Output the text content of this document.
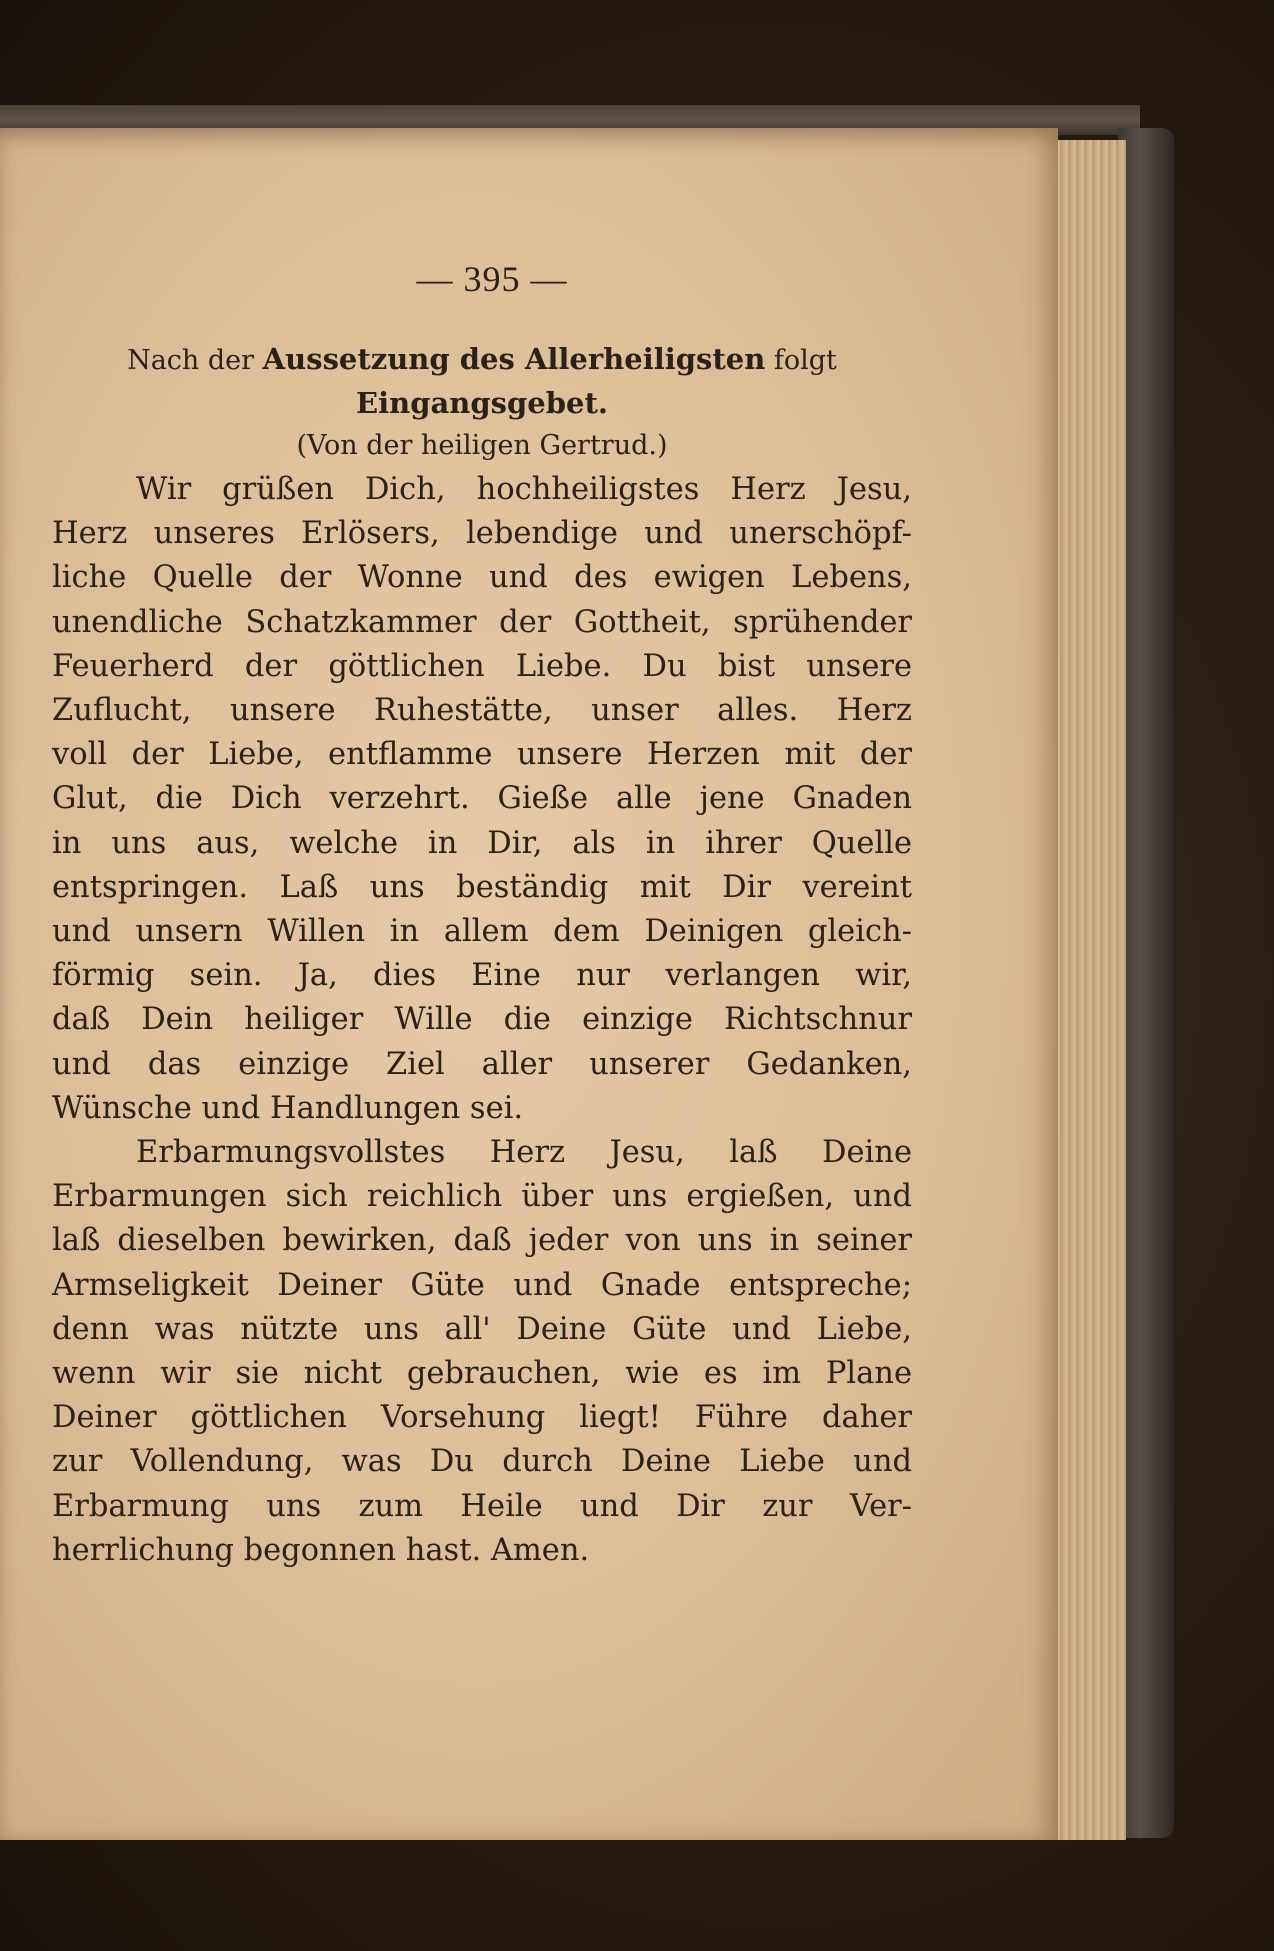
— 395 —

Nach der Aussetzung des Allerheiligsten folgt

Eingangsgebet.

(Von der heiligen Gertrud.)

Wir grüßen Dich, hochheiligstes Herz Jesu,
Herz unseres Erlösers, lebendige und unerschöpf-
liche Quelle der Wonne und des ewigen Lebens,
unendliche Schatzkammer der Gottheit, sprühender
Feuerherd der göttlichen Liebe. Du bist unsere
Zuflucht, unsere Ruhestätte, unser alles. Herz
voll der Liebe, entflamme unsere Herzen mit der
Glut, die Dich verzehrt. Gieße alle jene Gnaden
in uns aus, welche in Dir, als in ihrer Quelle
entspringen. Laß uns beständig mit Dir vereint
und unsern Willen in allem dem Deinigen gleich-
förmig sein. Ja, dies Eine nur verlangen wir,
daß Dein heiliger Wille die einzige Richtschnur
und das einzige Ziel aller unserer Gedanken,
Wünsche und Handlungen sei.
Erbarmungsvollstes Herz Jesu, laß Deine
Erbarmungen sich reichlich über uns ergießen, und
laß dieselben bewirken, daß jeder von uns in seiner
Armseligkeit Deiner Güte und Gnade entspreche;
denn was nützte uns all' Deine Güte und Liebe,
wenn wir sie nicht gebrauchen, wie es im Plane
Deiner göttlichen Vorsehung liegt! Führe daher
zur Vollendung, was Du durch Deine Liebe und
Erbarmung uns zum Heile und Dir zur Ver-
herrlichung begonnen hast. Amen.
